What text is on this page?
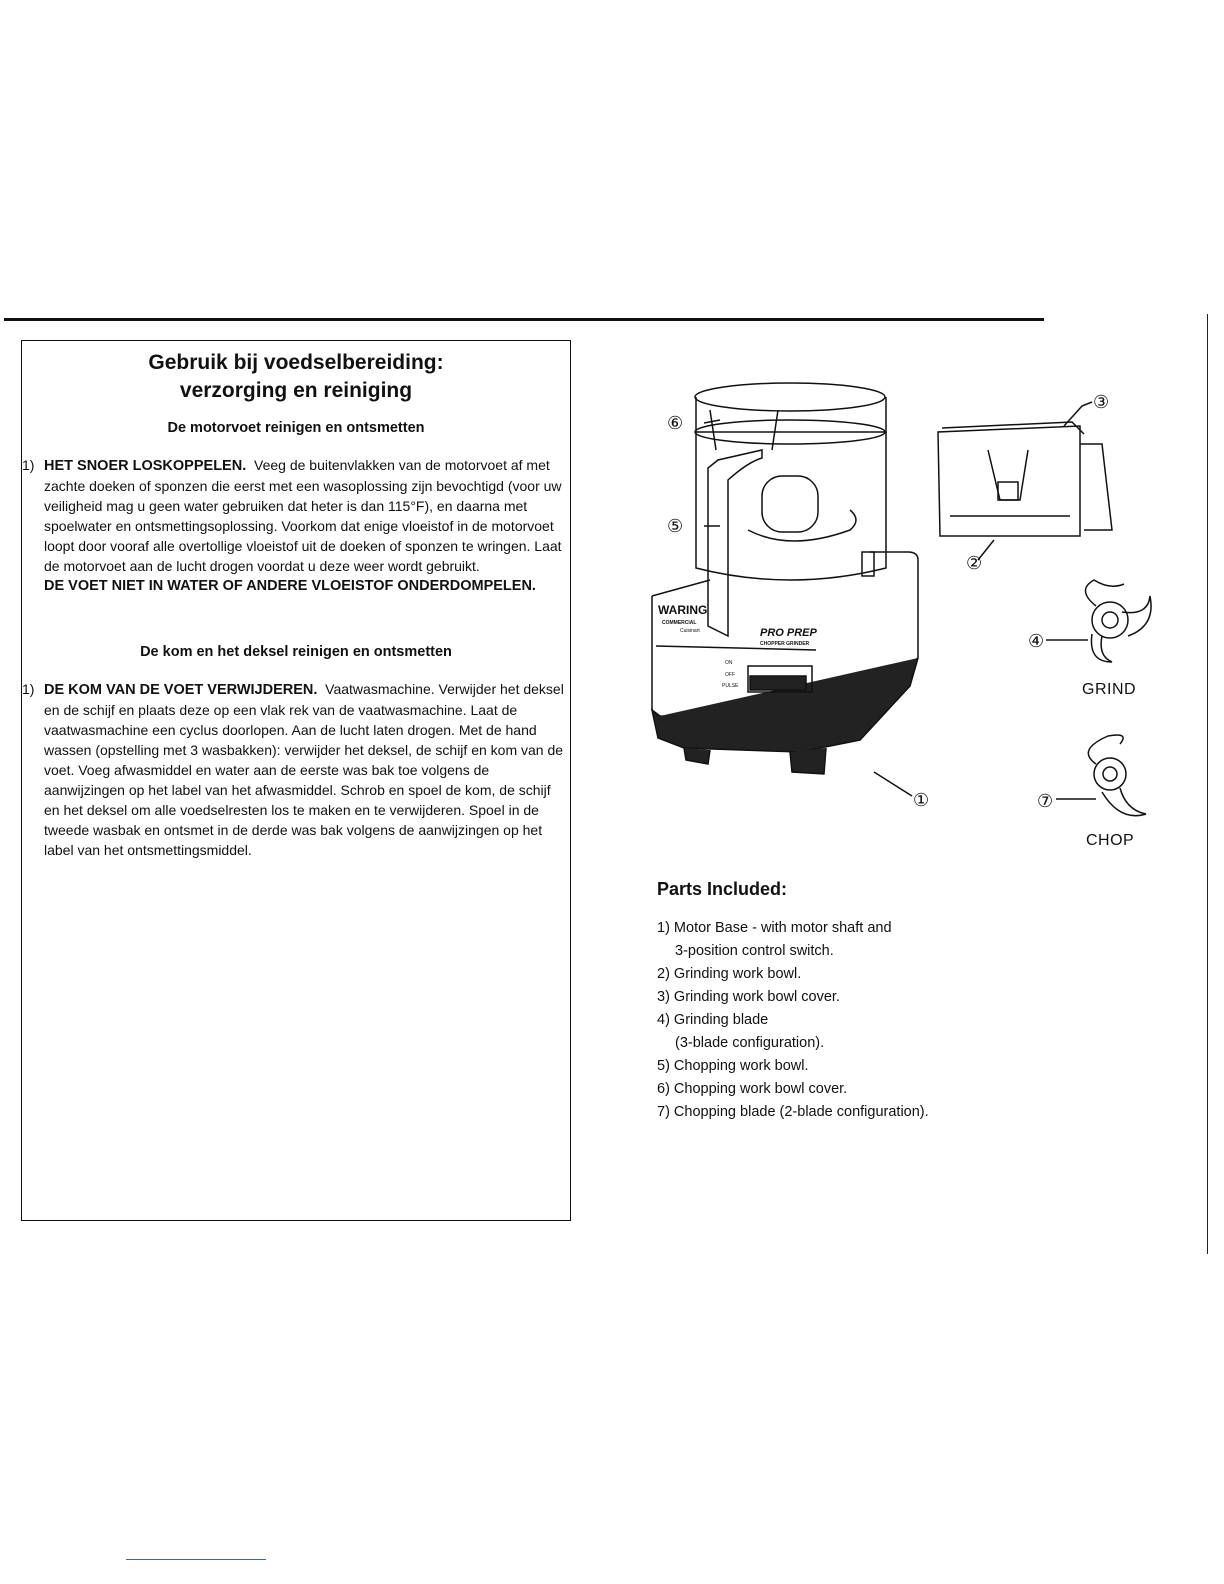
Gebruik bij voedselbereiding:
verzorging en reiniging
De motorvoet reinigen en ontsmetten
1) HET SNOER LOSKOPPELEN. Veeg de buitenvlakken van de motorvoet af met zachte doeken of sponzen die eerst met een wasoplossing zijn bevochtigd (voor uw veiligheid mag u geen water gebruiken dat heter is dan 115°F), en daarna met spoelwater en ontsmettingsoplossing. Voorkom dat enige vloeistof in de motorvoet loopt door vooraf alle overtollige vloeistof uit de doeken of sponzen te wringen. Laat de motorvoet aan de lucht drogen voordat u deze weer wordt gebruikt.
DE VOET NIET IN WATER OF ANDERE VLOEISTOF ONDERDOMPELEN.
De kom en het deksel reinigen en ontsmetten
1) DE KOM VAN DE VOET VERWIJDEREN. Vaatwasmachine. Verwijder het deksel en de schijf en plaats deze op een vlak rek van de vaatwasmachine. Laat de vaatwasmachine een cyclus doorlopen. Aan de lucht laten drogen. Met de hand wassen (opstelling met 3 wasbakken): verwijder het deksel, de schijf en kom van de voet. Voeg afwasmiddel en water aan de eerste was bak toe volgens de aanwijzingen op het label van het afwasmiddel. Schrob en spoel de kom, de schijf en het deksel om alle voedselresten los te maken en te verwijderen. Spoel in de tweede wasbak en ontsmet in de derde was bak volgens de aanwijzingen op het label van het ontsmettingsmiddel.
⑥
⑤
①
②
③
④
⑦
WARING
COMMERCIAL
Cuisinart	PRO PREP
CHOPPER GRINDER
ON
OFF
PULSE	GRIND
CHOP
Parts Included:
1) Motor Base - with motor shaft and
3-position control switch.
2) Grinding work bowl.
3) Grinding work bowl cover.
4) Grinding blade
(3-blade configuration).
5) Chopping work bowl.
6) Chopping work bowl cover.
7) Chopping blade (2-blade configuration).
